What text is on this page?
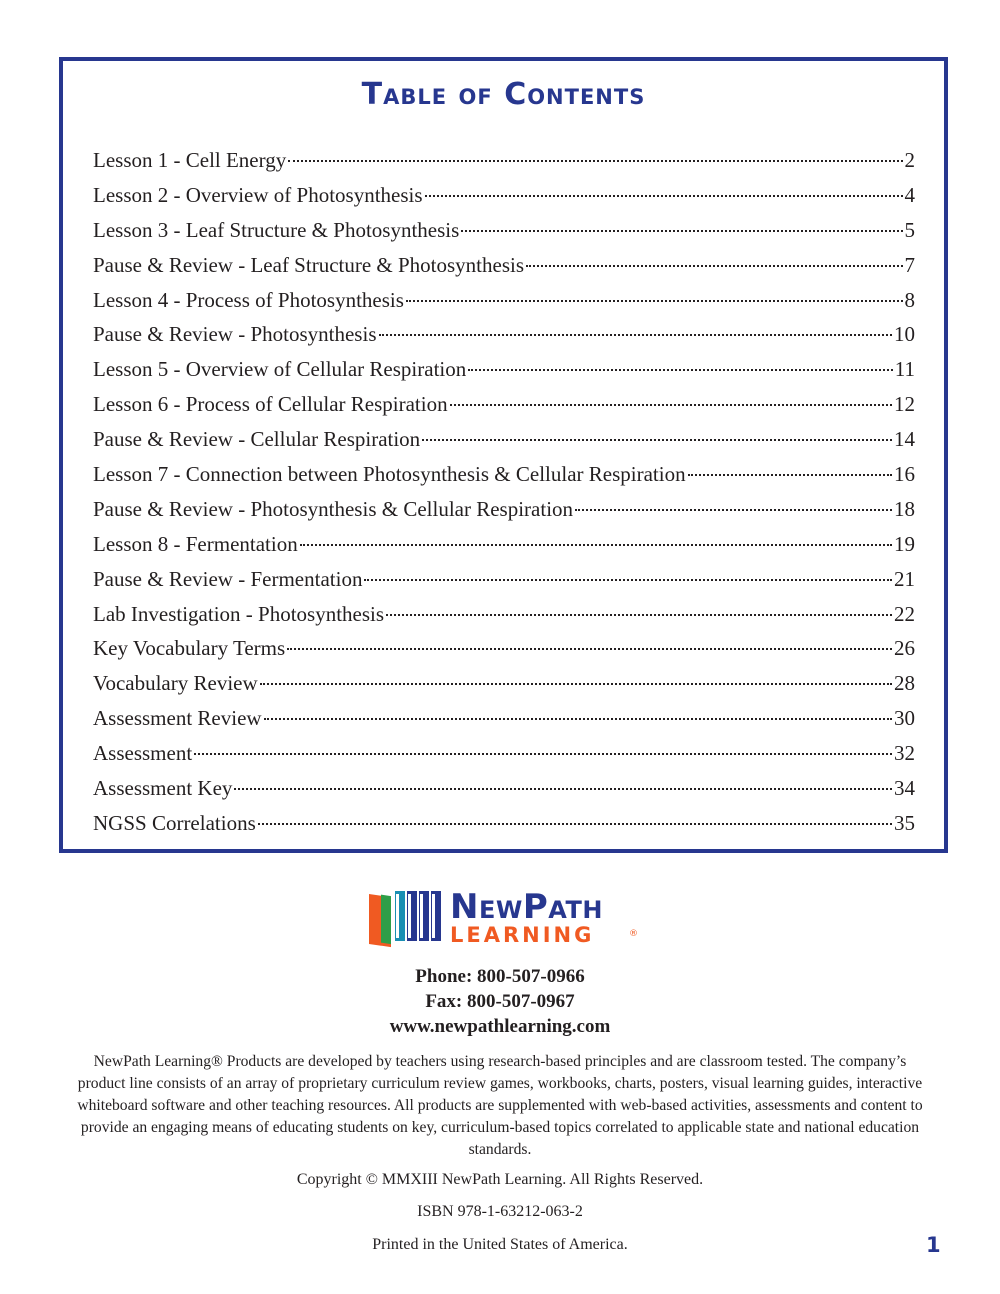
Table of Contents
Lesson 1 - Cell Energy	2
Lesson 2 - Overview of Photosynthesis	4
Lesson 3 - Leaf Structure & Photosynthesis	5
Pause & Review - Leaf Structure & Photosynthesis	7
Lesson 4 - Process of Photosynthesis	8
Pause & Review - Photosynthesis	10
Lesson 5 - Overview of Cellular Respiration	11
Lesson 6 - Process of Cellular Respiration	12
Pause & Review - Cellular Respiration	14
Lesson 7 - Connection between Photosynthesis & Cellular Respiration	16
Pause & Review - Photosynthesis & Cellular Respiration	18
Lesson 8 - Fermentation	19
Pause & Review - Fermentation	21
Lab Investigation - Photosynthesis	22
Key Vocabulary Terms	26
Vocabulary Review	28
Assessment Review	30
Assessment	32
Assessment Key	34
NGSS Correlations	35
NewPath
LEARNING	®
Phone: 800-507-0966
Fax: 800-507-0967
www.newpathlearning.com
NewPath Learning® Products are developed by teachers using research-based principles and are classroom tested. The company’s product line consists of an array of proprietary curriculum review games, workbooks, charts, posters, visual learning guides, interactive whiteboard software and other teaching resources. All products are supplemented with web-based activities, assessments and content to provide an engaging means of educating students on key, curriculum-based topics correlated to applicable state and national education standards.
Copyright © MMXIII NewPath Learning. All Rights Reserved.
ISBN 978-1-63212-063-2
Printed in the United States of America.	1
